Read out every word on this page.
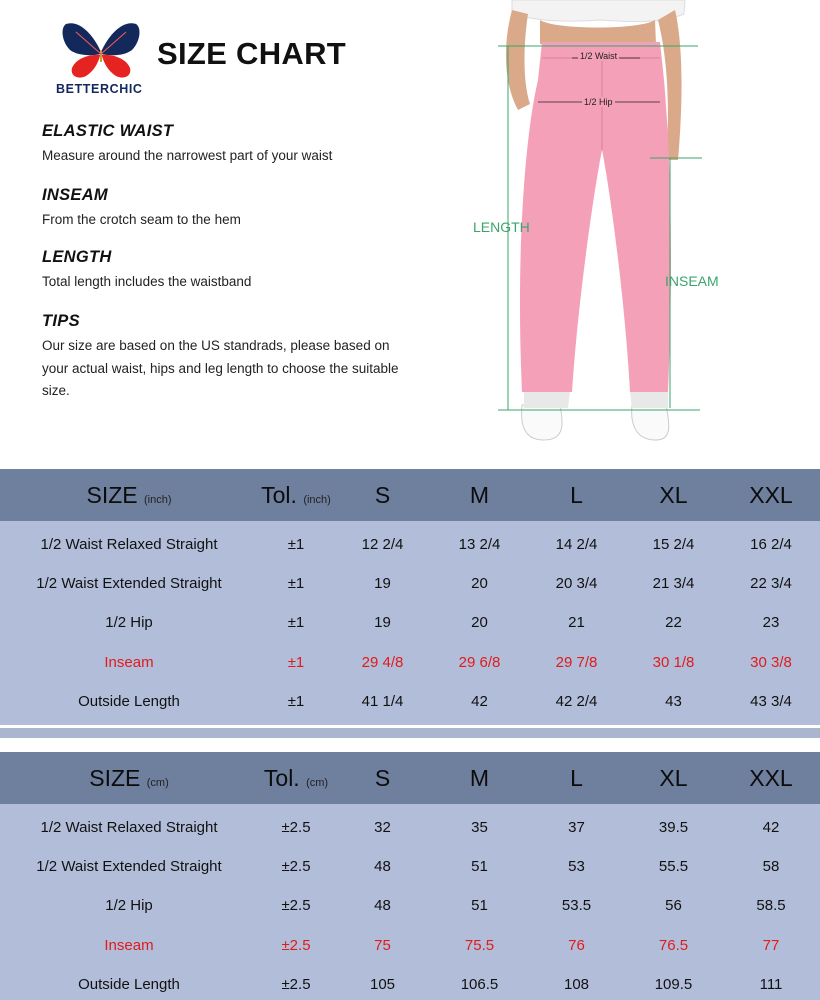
BETTERCHIC
SIZE CHART
ELASTIC WAIST

Measure around the narrowest part of your waist

INSEAM

From the crotch seam to the hem

LENGTH

Total length includes the waistband

TIPS

Our size are based on the US standrads, please based on your actual waist, hips and leg length to choose the suitable size.

1/2 Waist
1/2 Hip
LENGTH
INSEAM
SIZE (inch)	Tol. (inch)	S	M	L	XL	XXL
1/2 Waist Relaxed Straight	±1	12 2/4	13 2/4	14 2/4	15 2/4	16 2/4
1/2 Waist Extended Straight	±1	19	20	20 3/4	21 3/4	22 3/4
1/2 Hip	±1	19	20	21	22	23
Inseam	±1	29 4/8	29 6/8	29 7/8	30 1/8	30 3/8
Outside Length	±1	41 1/4	42	42 2/4	43	43 3/4
SIZE (cm)	Tol. (cm)	S	M	L	XL	XXL
1/2 Waist Relaxed Straight	±2.5	32	35	37	39.5	42
1/2 Waist Extended Straight	±2.5	48	51	53	55.5	58
1/2 Hip	±2.5	48	51	53.5	56	58.5
Inseam	±2.5	75	75.5	76	76.5	77
Outside Length	±2.5	105	106.5	108	109.5	111
